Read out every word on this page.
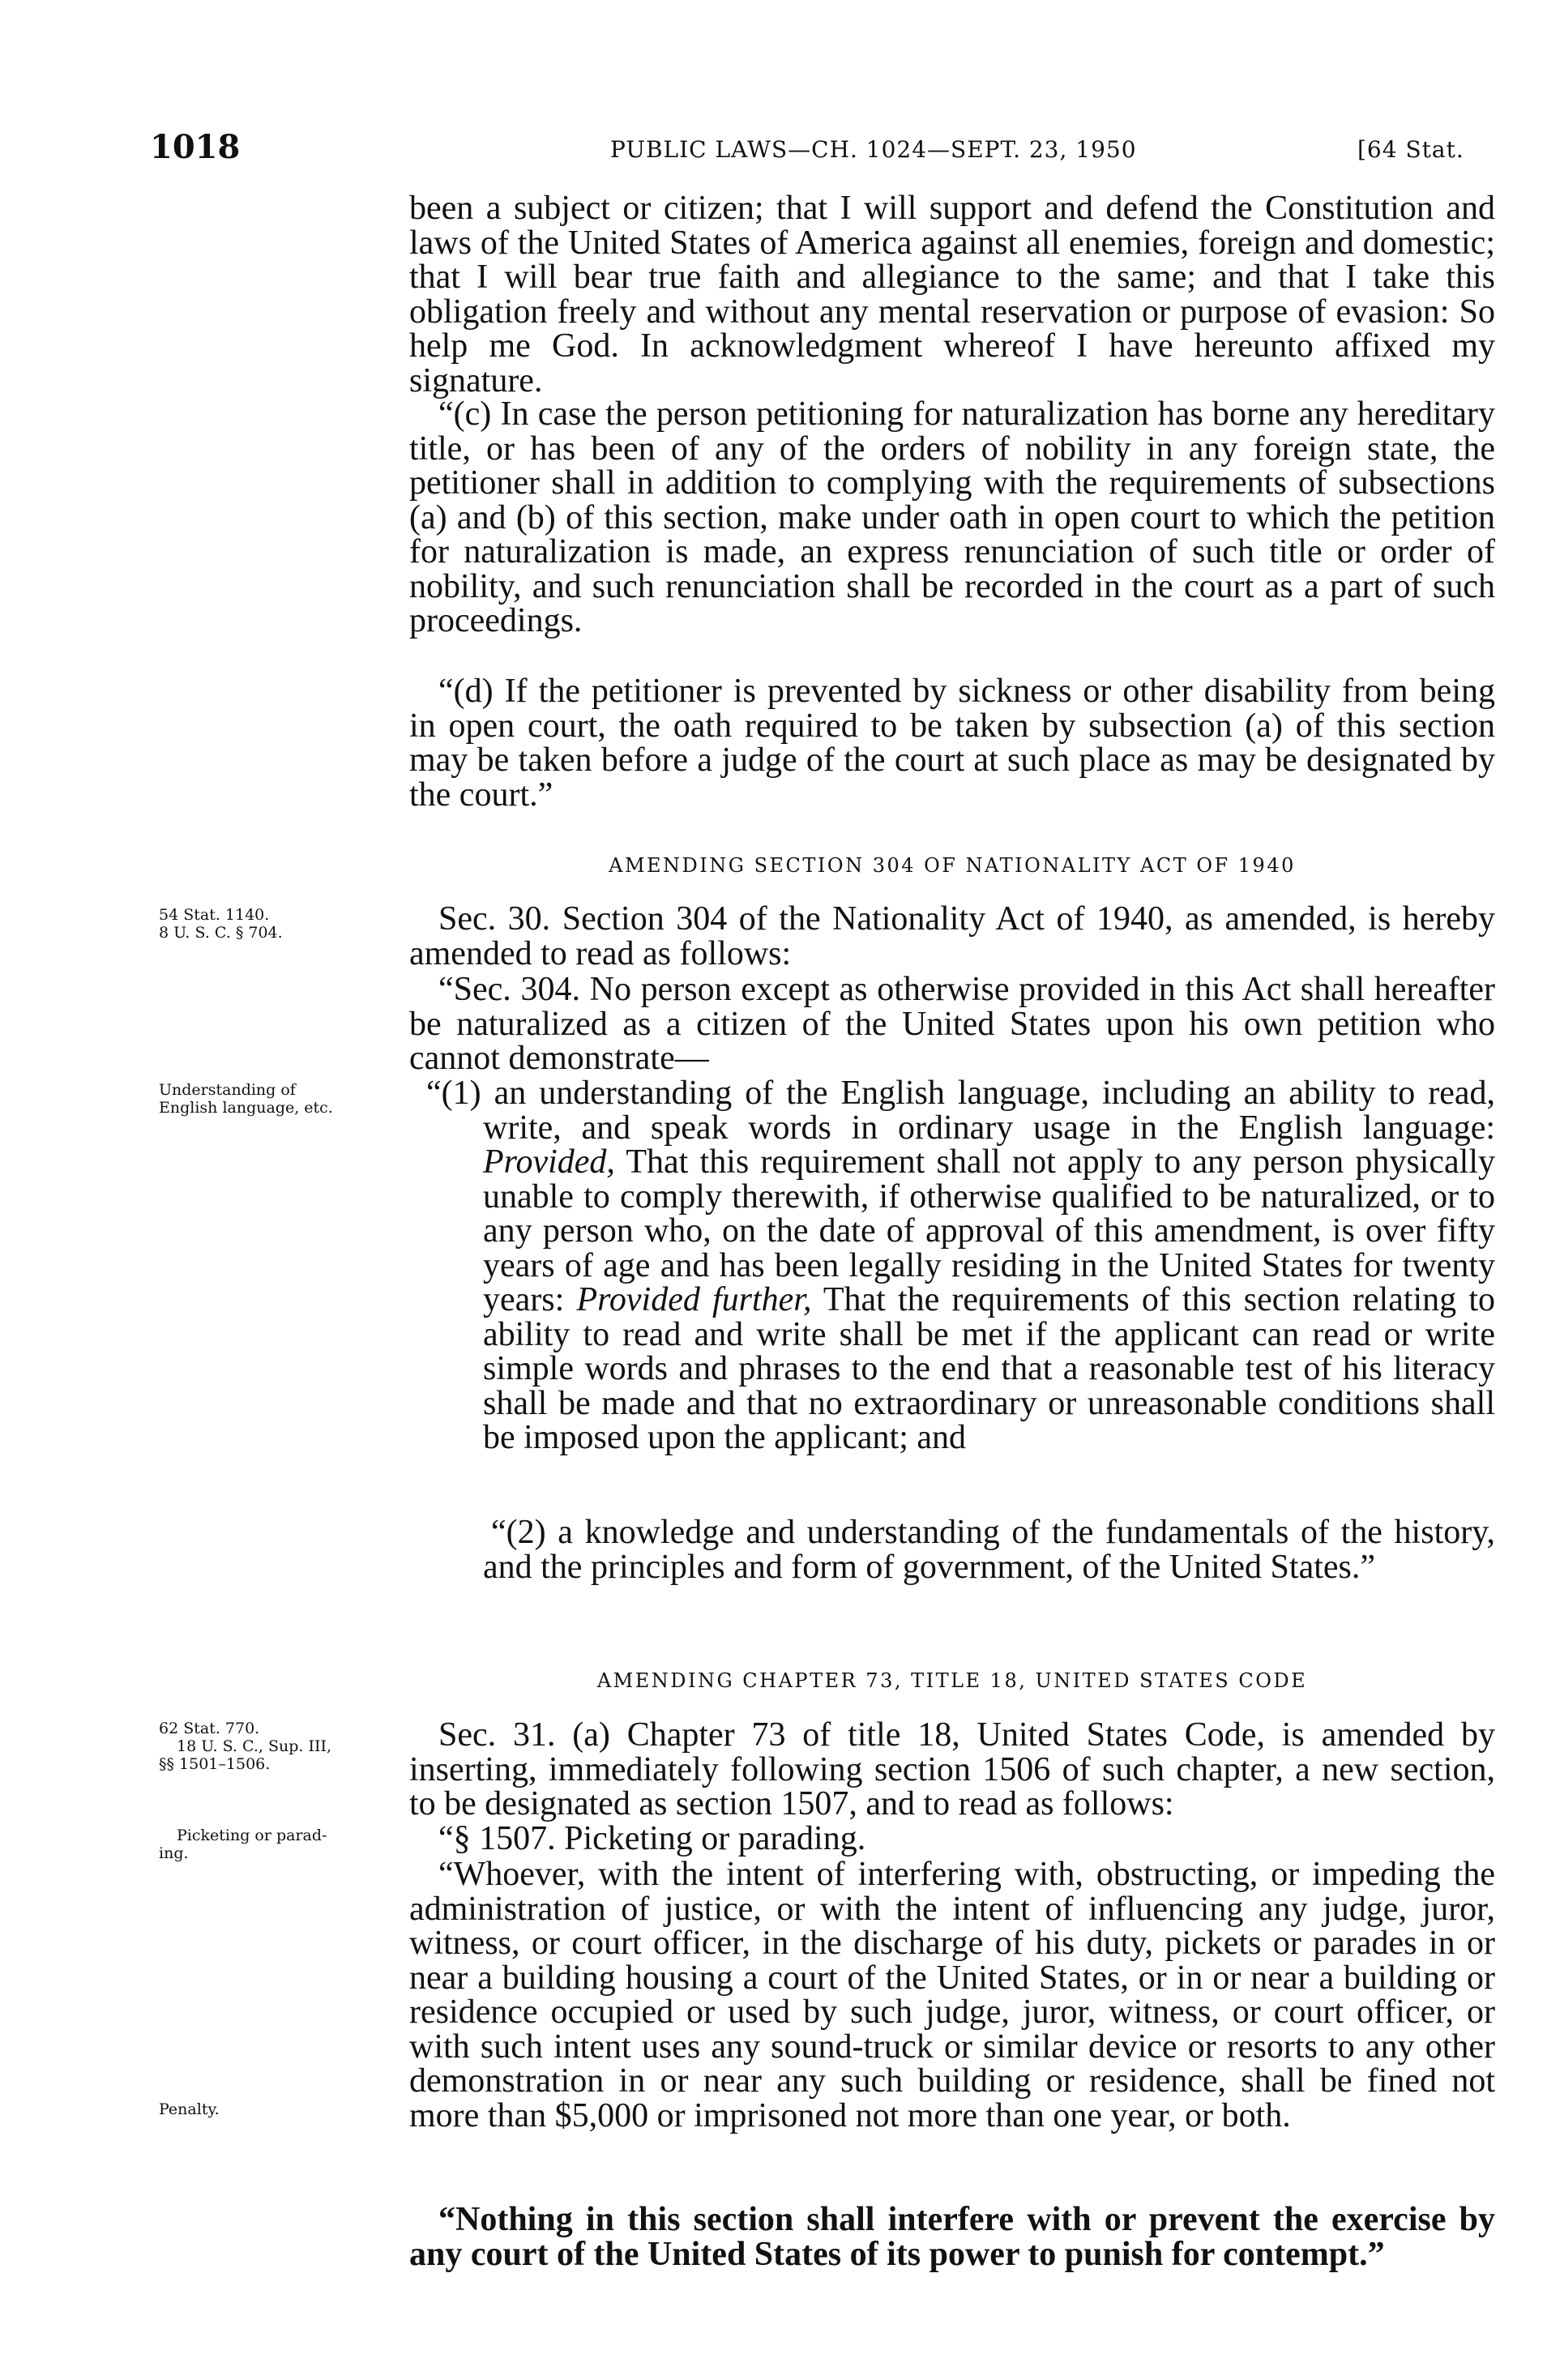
1018	PUBLIC LAWS—CH. 1024—SEPT. 23, 1950	[64 Stat.

been a subject or citizen; that I will support and defend the Constitution and laws of the United States of America against all enemies, foreign and domestic; that I will bear true faith and allegiance to the same; and that I take this obligation freely and without any mental reservation or purpose of evasion: So help me God. In acknowledgment whereof I have hereunto affixed my signature.

“(c) In case the person petitioning for naturalization has borne any hereditary title, or has been of any of the orders of nobility in any foreign state, the petitioner shall in addition to complying with the requirements of subsections (a) and (b) of this section, make under oath in open court to which the petition for naturalization is made, an express renunciation of such title or order of nobility, and such renunciation shall be recorded in the court as a part of such proceedings.

“(d) If the petitioner is prevented by sickness or other disability from being in open court, the oath required to be taken by subsection (a) of this section may be taken before a judge of the court at such place as may be designated by the court.”

AMENDING SECTION 304 OF NATIONALITY ACT OF 1940

54 Stat. 1140.
8 U. S. C. § 704.	Sec. 30. Section 304 of the Nationality Act of 1940, as amended, is hereby amended to read as follows:

“Sec. 304. No person except as otherwise provided in this Act shall hereafter be naturalized as a citizen of the United States upon his own petition who cannot demonstrate—

Understanding of
English language, etc.	“(1) an understanding of the English language, including an ability to read, write, and speak words in ordinary usage in the English language: Provided, That this requirement shall not apply to any person physically unable to comply therewith, if otherwise qualified to be naturalized, or to any person who, on the date of approval of this amendment, is over fifty years of age and has been legally residing in the United States for twenty years: Provided further, That the requirements of this section relating to ability to read and write shall be met if the applicant can read or write simple words and phrases to the end that a reasonable test of his literacy shall be made and that no extraordinary or unreasonable conditions shall be imposed upon the applicant; and

“(2) a knowledge and understanding of the fundamentals of the history, and the principles and form of government, of the United States.”

AMENDING CHAPTER 73, TITLE 18, UNITED STATES CODE

62 Stat. 770.
18 U. S. C., Sup. III,
§§ 1501–1506.

Sec. 31. (a) Chapter 73 of title 18, United States Code, is amended by inserting, immediately following section 1506 of such chapter, a new section, to be designated as section 1507, and to read as follows:

Picketing or parad-
ing.	“§ 1507. Picketing or parading.

“Whoever, with the intent of interfering with, obstructing, or impeding the administration of justice, or with the intent of influencing any judge, juror, witness, or court officer, in the discharge of his duty, pickets or parades in or near a building housing a court of the United States, or in or near a building or residence occupied or used by such judge, juror, witness, or court officer, or with such intent uses any sound-truck or similar device or resorts to any other demonstration in or near any such building or residence, shall be fined not more than $5,000 or imprisoned not more than one year, or both.

Penalty.

“Nothing in this section shall interfere with or prevent the exercise by any court of the United States of its power to punish for contempt.”
